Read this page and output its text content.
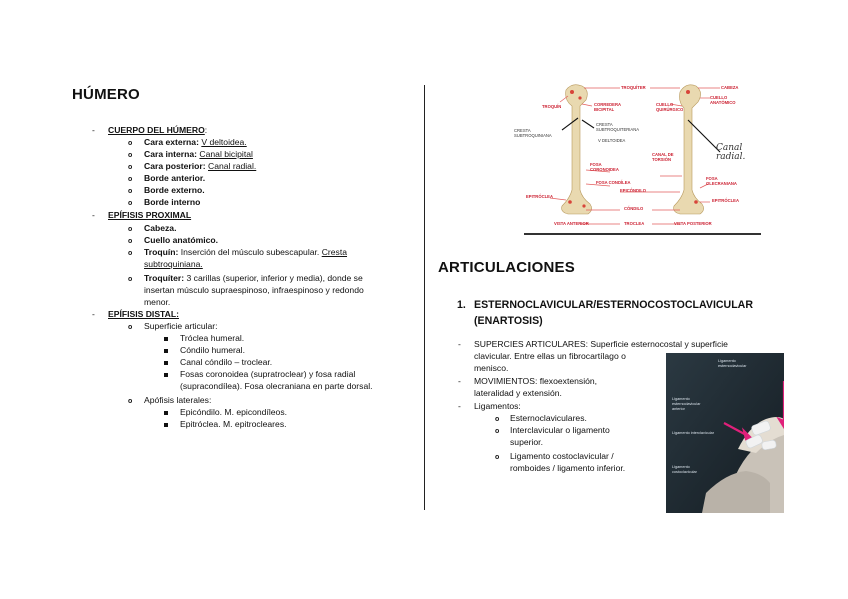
HÚMERO
-	CUERPO DEL HÚMERO:
o	Cara externa: V deltoidea.
o	Cara interna: Canal bicipital
o	Cara posterior: Canal radial.
o	Borde anterior.
o	Borde externo.
o	Borde interno
-	EPÍFISIS PROXIMAL
o	Cabeza.
o	Cuello anatómico.
o	Troquín: Inserción del músculo subescapular. Cresta
subtroquiniana.
o	Troquíter: 3 carillas (superior, inferior y media), donde se
insertan músculo supraespinoso, infraespinoso y redondo
menor.
-	EPÍFISIS DISTAL:
o	Superficie articular:
Tróclea humeral.
Cóndilo humeral.
Canal cóndilo – troclear.
Fosas coronoidea (supratroclear) y fosa radial
(supracondílea). Fosa olecraniana en parte dorsal.
o	Apófisis laterales:
Epicóndilo. M. epicondíleos.
Epitróclea. M. epitrocleares.
TROQUÍTER	CABEZA
TROQUÍN	CORREDERA BICIPITAL
CUELLO QUIRÚRGICO
CUELLO ANATÓMICO
CRESTA SUBTROQUINIANA
CRESTA SUBTROQUITERIANA
V DELTOIDEA
CANAL DE TORSIÓN
FOSA CORONOIDEA
FOSA CONDÍLEA
EPICÓNDILO
FOSA OLECRANIANA
EPITRÓCLEA
EPITRÓCLEA
CÓNDILO
TROCLEA
VISTA ANTERIOR	VISTA POSTERIOR
Canal radial.
ARTICULACIONES
1. ESTERNOCLAVICULAR/ESTERNOCOSTOCLAVICULAR
(ENARTOSIS)
-	SUPERCIES ARTICULARES: Superficie esternocostal y superficie
clavicular. Entre ellas un fibrocartílago o
menisco.
-	MOVIMIENTOS: flexoextensión,
lateralidad y extensión.
-	Ligamentos:
o	Esternoclaviculares.
o	Interclavicular o ligamento
superior.
o	Ligamento costoclavicular /
romboides / ligamento inferior.
Ligamento esternoclavicular
Ligamento esternoclavicular anterior
Ligamento interclavicular
Ligamento costoclavicular
